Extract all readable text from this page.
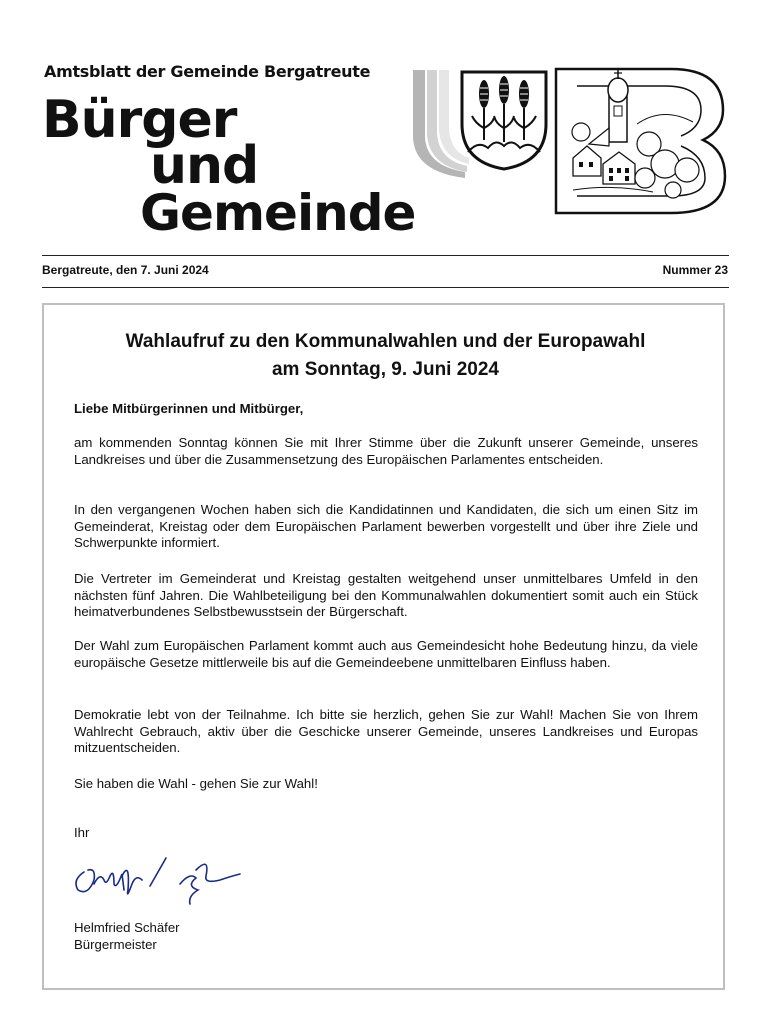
Amtsblatt der Gemeinde Bergatreute
Bürger
und
Gemeinde
Bergatreute, den 7. Juni 2024	Nummer 23
Wahlaufruf zu den Kommunalwahlen und der Europawahl
am Sonntag, 9. Juni 2024

Liebe Mitbürgerinnen und Mitbürger,

am kommenden Sonntag können Sie mit Ihrer Stimme über die Zukunft unserer Gemeinde, unseres Landkreises und über die Zusammensetzung des Europäischen Parlamentes entscheiden.

In den vergangenen Wochen haben sich die Kandidatinnen und Kandidaten, die sich um einen Sitz im Gemeinderat, Kreistag oder dem Europäischen Parlament bewerben vorgestellt und über ihre Ziele und Schwerpunkte informiert.

Die Vertreter im Gemeinderat und Kreistag gestalten weitgehend unser unmittelbares Umfeld in den nächsten fünf Jahren. Die Wahlbeteiligung bei den Kommunalwahlen dokumentiert somit auch ein Stück heimatverbundenes Selbstbewusstsein der Bürgerschaft.

Der Wahl zum Europäischen Parlament kommt auch aus Gemeindesicht hohe Bedeutung hinzu, da viele europäische Gesetze mittlerweile bis auf die Gemeindeebene unmittelbaren Einfluss haben.

Demokratie lebt von der Teilnahme. Ich bitte sie herzlich, gehen Sie zur Wahl! Machen Sie von Ihrem Wahlrecht Gebrauch, aktiv über die Geschicke unserer Gemeinde, unseres Landkreises und Europas mitzuentscheiden.

Sie haben die Wahl - gehen Sie zur Wahl!

Ihr

Helmfried Schäfer

Bürgermeister
